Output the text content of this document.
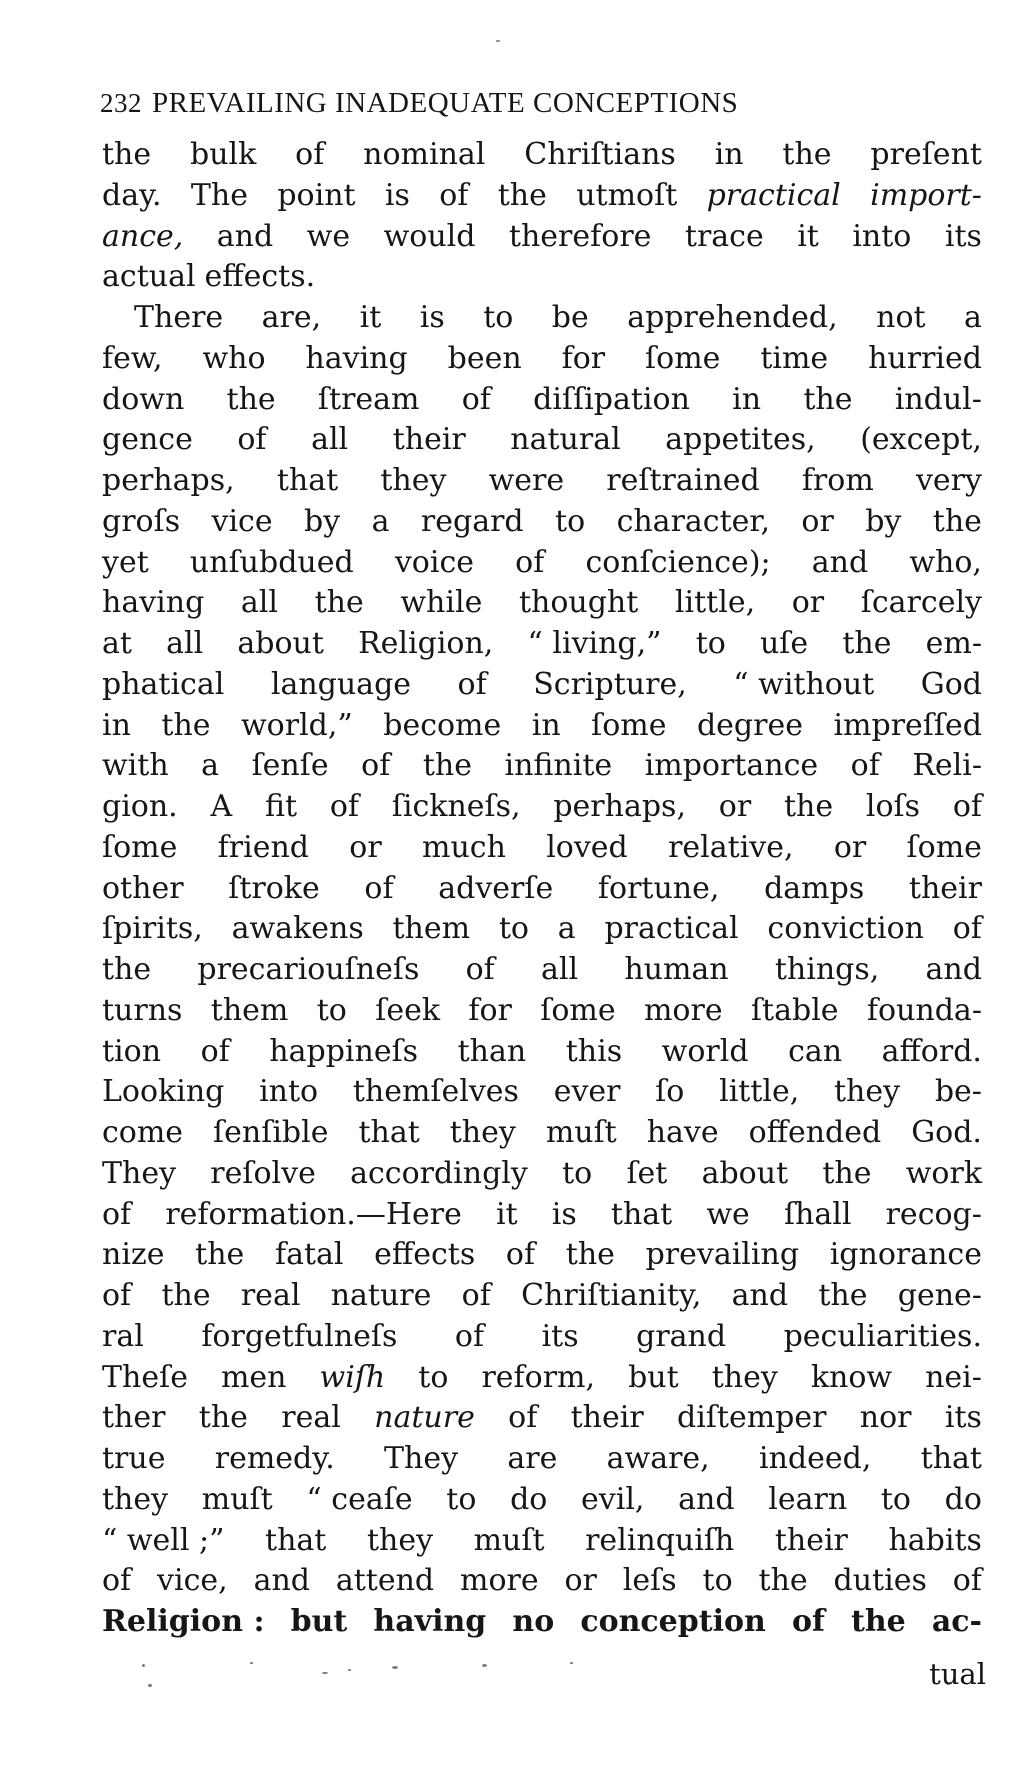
232 PREVAILING INADEQUATE CONCEPTIONS
the bulk of nominal Chriſtians in the preſent
day. The point is of the utmoſt practical import-
ance, and we would therefore trace it into its
actual effects.
There are, it is to be apprehended, not a
few, who having been for ſome time hurried
down the ſtream of diſſipation in the indul-
gence of all their natural appetites, (except,
perhaps, that they were reſtrained from very
groſs vice by a regard to character, or by the
yet unſubdued voice of conſcience); and who,
having all the while thought little, or ſcarcely
at all about Religion, “ living,” to uſe the em-
phatical language of Scripture, “ without God
in the world,” become in ſome degree impreſſed
with a ſenſe of the infinite importance of Reli-
gion. A fit of ſickneſs, perhaps, or the loſs of
ſome friend or much loved relative, or ſome
other ſtroke of adverſe fortune, damps their
ſpirits, awakens them to a practical conviction of
the precariouſneſs of all human things, and
turns them to ſeek for ſome more ſtable founda-
tion of happineſs than this world can afford.
Looking into themſelves ever ſo little, they be-
come ſenſible that they muſt have offended God.
They reſolve accordingly to ſet about the work
of reformation.—Here it is that we ſhall recog-
nize the fatal effects of the prevailing ignorance
of the real nature of Chriſtianity, and the gene-
ral forgetfulneſs of its grand peculiarities.
Theſe men wiſh to reform, but they know nei-
ther the real nature of their diſtemper nor its
true remedy. They are aware, indeed, that
they muſt “ ceaſe to do evil, and learn to do
“ well ;” that they muſt relinquiſh their habits
of vice, and attend more or leſs to the duties of
Religion : but having no conception of the ac-
tual
